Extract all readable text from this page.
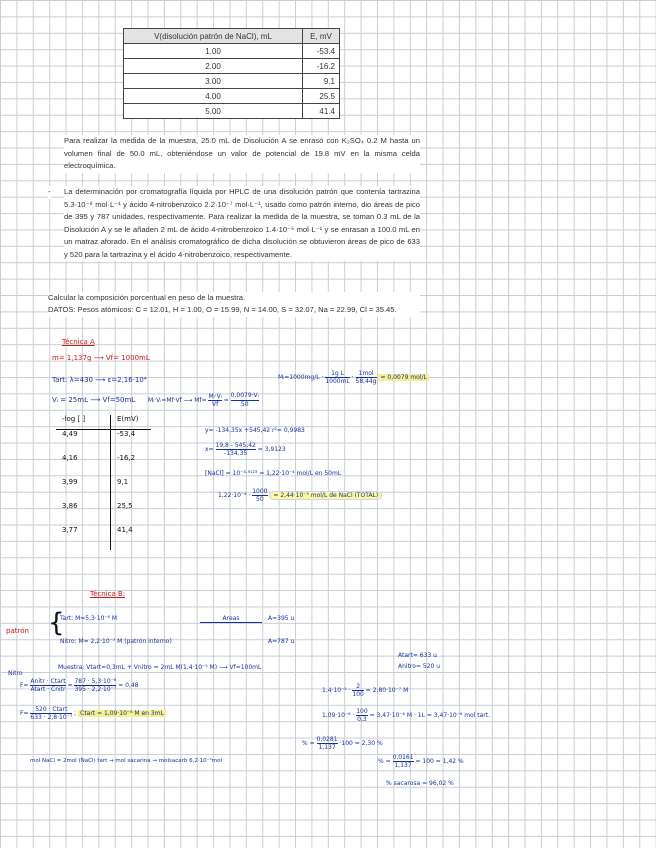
V(disolución patrón de NaCl), mL	E, mV
1.00	-53.4
2.00	-16.2
3.00	9.1
4.00	25.5
5.00	41.4
Para realizar la medida de la muestra, 25.0 mL de Disolución A se enrasó con K₂SO₄ 0.2 M hasta un volumen final de 50.0 mL, obteniéndose un valor de potencial de 19.8 mV en la misma celda electroquímica.
- La determinación por cromatografía líquida por HPLC de una disolución patrón que contenía tartrazina 5.3·10⁻⁸ mol·L⁻¹ y ácido 4-nitrobenzoico 2.2·10⁻⁷ mol·L⁻¹, usado como patrón interno, dio áreas de pico de 395 y 787 unidades, respectivamente. Para realizar la medida de la muestra, se toman 0.3 mL de la Disolución A y se le añaden 2 mL de ácido 4-nitrobenzoico 1.4·10⁻⁵ mol·L⁻¹ y se enrasan a 100.0 mL en un matraz aforado. En el análisis cromatográfico de dicha disolución se obtuvieron áreas de pico de 633 y 520 para la tartrazina y el ácido 4-nitrobenzoico, respectivamente.
Calcular la composición porcentual en peso de la muestra.
DATOS: Pesos atómicos: C = 12.01, H = 1.00, O = 15.99, N = 14.00, S = 32.07, Na = 22.99, Cl = 35.45.
Técnica A
m= 1,137g ⟶ Vf= 1000mL
Tart: λ=430 ⟶ ε=2,16·10⁴	Mᵢ=1000mg/L · $\frac{\text{1g L}}{1000mL}$ ·
1mol
58,44g
= 0,0079 mol/L
Vᵢ = 25mL ⟶ Vf=50mL Mᵢ·Vᵢ=Mf·Vf ⟶ $Mf= \frac{\text{Mᵢ·Vᵢ}}{Vf} = \frac{\text{0,0079·Vᵢ}}{50}$
-log [ ]	E(mV)
4,49	-53,4
4,16	-16,2
3,99	9,1
3,86	25,5
3,77	41,4
y= -134,35x +545,42 r²= 0,9983
$x= \frac{19,8 - 545,42}{-134,35} = 3,9123$
[NaCl] = 10⁻³·⁹¹²³ = 1,22·10⁻⁴ mol/L en 50mL
$1,22\cdot 10^{-4} \cdot \frac{1000}{50} = 2,44\cdot 10^{-3}$ mol/L de NaCl (TOTAL)
Técnica B:
patrón {
Tart: M=5,3·10⁻⁸ M	Areas	A=395 u
Nitro: M= 2,2·10⁻⁷ M (patrón interno)	A=787 u
Atart= 633 u
Anitro= 520 u
Nitro
Muestra: Vtart=0,3mL + Vnitro = 2mL M(1,4·10⁻⁵ M) ⟶ Vf=100mL
F=
Anitr · Ctart
Atart · Cnitr
= $\frac{\text{787 · 5,3·10⁻⁸}}{\text{395 · 2,2·10⁻⁷}} = 0,48$
$1,4\cdot 10^{-5} \cdot \frac{2}{100} = 2,80\cdot 10^{-7}$ M
F=
520 · Ctart
633 · 2,8·10⁻⁷
; Ctart = 1,09·10⁻⁸ M en 3mL	$1,09\cdot 10^{-8} \cdot \frac{100}{0,3} = 3,47\cdot 10^{-6}$ M · 1L = 3,47·10⁻⁶ mol tart.
% = $\frac{0,0281}{1,137} \cdot 100 = 2,30$ %
mol NaCl = 2mol (NaCl) tart → mol sacarina → molsacarb 6,2·10⁻⁵mol	% = $\frac{0,0161}{1,137} = 100 = 1,42$ %
% sacarosa = 96,02 %
